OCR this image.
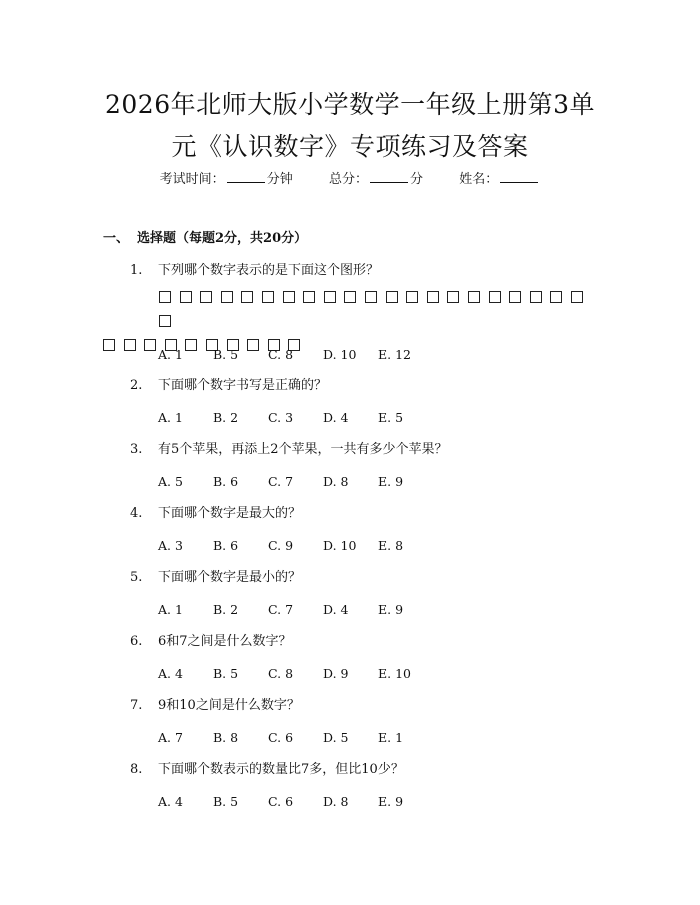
2026年北师大版小学数学一年级上册第3单
元《认识数字》专项练习及答案
考试时间：	分钟	总分：	分	姓名：
一、 选择题（每题2分，共20分）
1. 下列哪个数字表示的是下面这个图形？
A. 1 B. 5 C. 8 D. 10 E. 12
2. 下面哪个数字书写是正确的？
A. 1 B. 2 C. 3 D. 4 E. 5
3. 有5个苹果，再添上2个苹果，一共有多少个苹果？
A. 5 B. 6 C. 7 D. 8 E. 9
4. 下面哪个数字是最大的？
A. 3 B. 6 C. 9 D. 10 E. 8
5. 下面哪个数字是最小的？
A. 1 B. 2 C. 7 D. 4 E. 9
6. 6和7之间是什么数字？
A. 4 B. 5 C. 8 D. 9 E. 10
7. 9和10之间是什么数字？
A. 7 B. 8 C. 6 D. 5 E. 1
8. 下面哪个数表示的数量比7多，但比10少？
A. 4 B. 5 C. 6 D. 8 E. 9
